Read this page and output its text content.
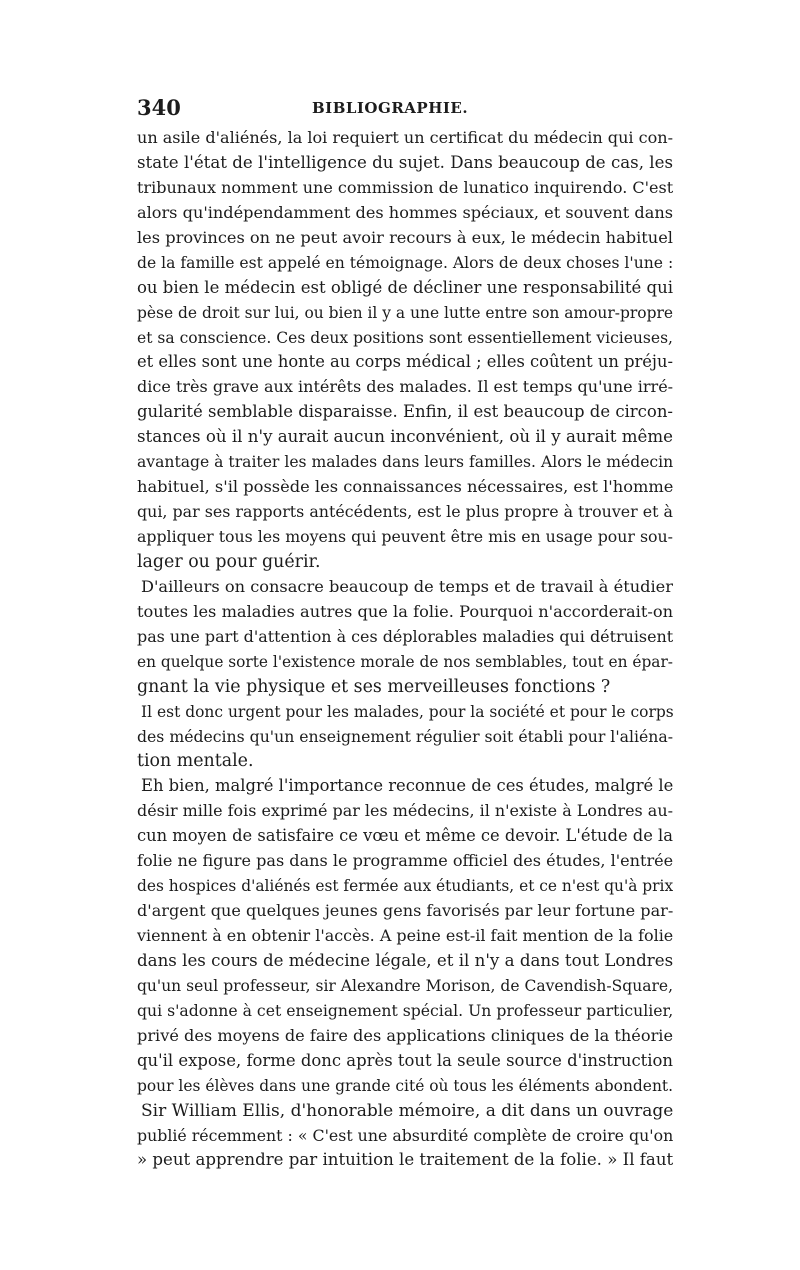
340	BIBLIOGRAPHIE.
un asile d'aliénés, la loi requiert un certificat du médecin qui con-
state l'état de l'intelligence du sujet. Dans beaucoup de cas, les
tribunaux nomment une commission de lunatico inquirendo. C'est
alors qu'indépendamment des hommes spéciaux, et souvent dans
les provinces on ne peut avoir recours à eux, le médecin habituel
de la famille est appelé en témoignage. Alors de deux choses l'une :
ou bien le médecin est obligé de décliner une responsabilité qui
pèse de droit sur lui, ou bien il y a une lutte entre son amour-propre
et sa conscience. Ces deux positions sont essentiellement vicieuses,
et elles sont une honte au corps médical ; elles coûtent un préju-
dice très grave aux intérêts des malades. Il est temps qu'une irré-
gularité semblable disparaisse. Enfin, il est beaucoup de circon-
stances où il n'y aurait aucun inconvénient, où il y aurait même
avantage à traiter les malades dans leurs familles. Alors le médecin
habituel, s'il possède les connaissances nécessaires, est l'homme
qui, par ses rapports antécédents, est le plus propre à trouver et à
appliquer tous les moyens qui peuvent être mis en usage pour sou-
lager ou pour guérir.
D'ailleurs on consacre beaucoup de temps et de travail à étudier
toutes les maladies autres que la folie. Pourquoi n'accorderait-on
pas une part d'attention à ces déplorables maladies qui détruisent
en quelque sorte l'existence morale de nos semblables, tout en épar-
gnant la vie physique et ses merveilleuses fonctions ?
Il est donc urgent pour les malades, pour la société et pour le corps
des médecins qu'un enseignement régulier soit établi pour l'aliéna-
tion mentale.
Eh bien, malgré l'importance reconnue de ces études, malgré le
désir mille fois exprimé par les médecins, il n'existe à Londres au-
cun moyen de satisfaire ce vœu et même ce devoir. L'étude de la
folie ne figure pas dans le programme officiel des études, l'entrée
des hospices d'aliénés est fermée aux étudiants, et ce n'est qu'à prix
d'argent que quelques jeunes gens favorisés par leur fortune par-
viennent à en obtenir l'accès. A peine est-il fait mention de la folie
dans les cours de médecine légale, et il n'y a dans tout Londres
qu'un seul professeur, sir Alexandre Morison, de Cavendish-Square,
qui s'adonne à cet enseignement spécial. Un professeur particulier,
privé des moyens de faire des applications cliniques de la théorie
qu'il expose, forme donc après tout la seule source d'instruction
pour les élèves dans une grande cité où tous les éléments abondent.
Sir William Ellis, d'honorable mémoire, a dit dans un ouvrage
publié récemment : « C'est une absurdité complète de croire qu'on
» peut apprendre par intuition le traitement de la folie. » Il faut
